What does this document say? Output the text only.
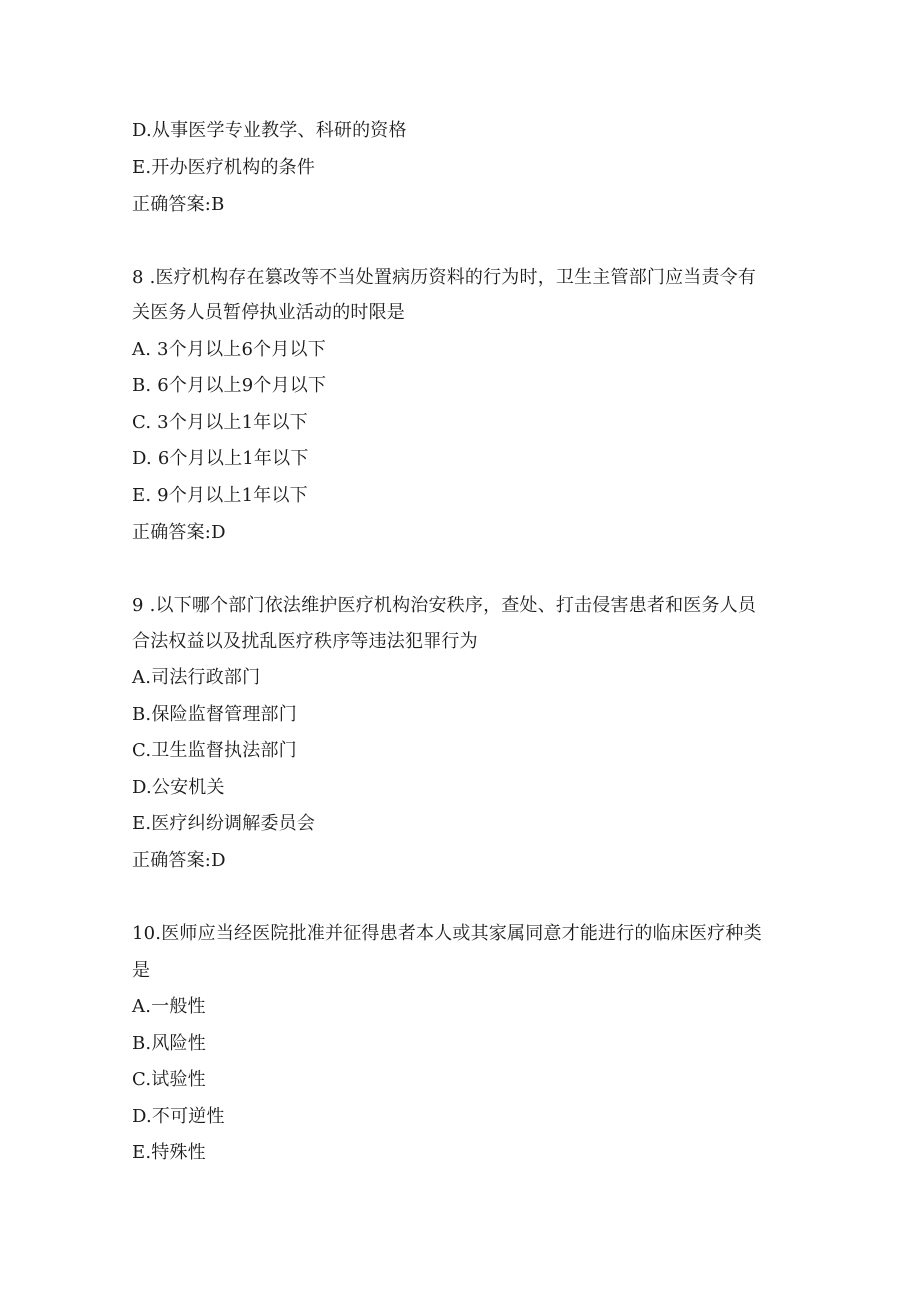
D.从事医学专业教学、科研的资格
E.开办医疗机构的条件
正确答案:B
8 .医疗机构存在篡改等不当处置病历资料的行为时，卫生主管部门应当责令有
关医务人员暂停执业活动的时限是
A. 3个月以上6个月以下
B. 6个月以上9个月以下
C. 3个月以上1年以下
D. 6个月以上1年以下
E. 9个月以上1年以下
正确答案:D
9 .以下哪个部门依法维护医疗机构治安秩序，查处、打击侵害患者和医务人员
合法权益以及扰乱医疗秩序等违法犯罪行为
A.司法行政部门
B.保险监督管理部门
C.卫生监督执法部门
D.公安机关
E.医疗纠纷调解委员会
正确答案:D
10.医师应当经医院批准并征得患者本人或其家属同意才能进行的临床医疗种类
是
A.一般性
B.风险性
C.试验性
D.不可逆性
E.特殊性
